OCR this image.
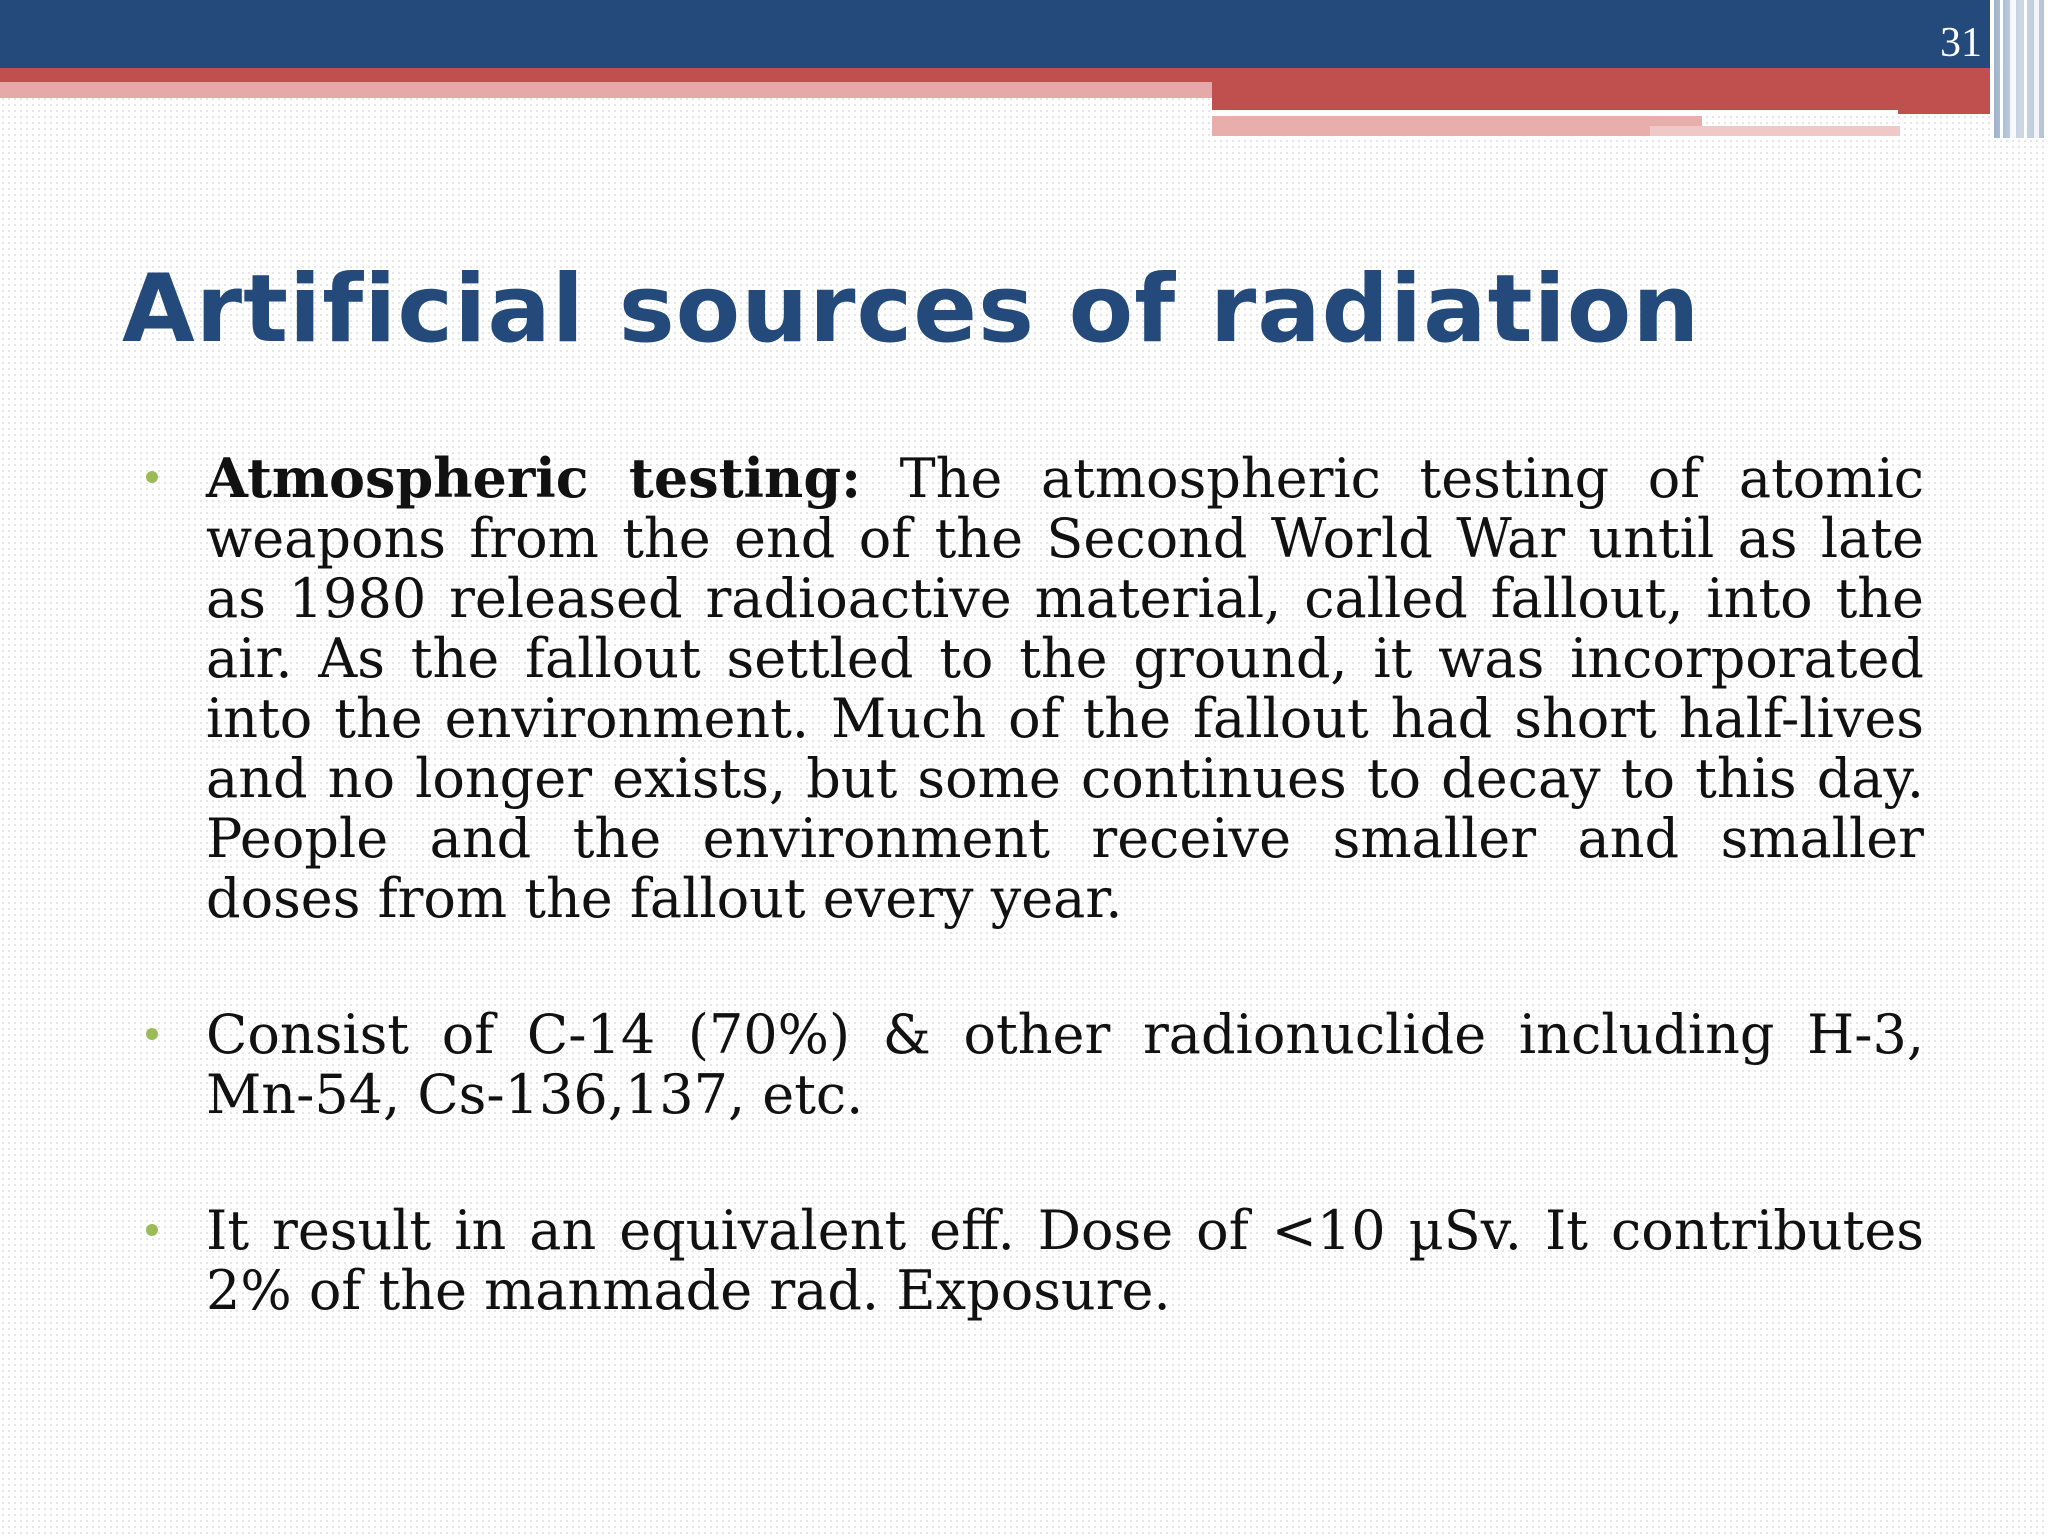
31
Artificial sources of radiation
Atmospheric testing: The atmospheric testing of atomic weapons from the end of the Second World War until as late as 1980 released radioactive material, called fallout, into the air. As the fallout settled to the ground, it was incorporated into the environment. Much of the fallout had short half-lives and no longer exists, but some continues to decay to this day. People and the environment receive smaller and smaller doses from the fallout every year.
Consist of C-14 (70%) & other radionuclide including H-3, Mn-54, Cs-136,137, etc.
It result in an equivalent eff. Dose of <10 µSv. It contributes 2% of the manmade rad. Exposure.
